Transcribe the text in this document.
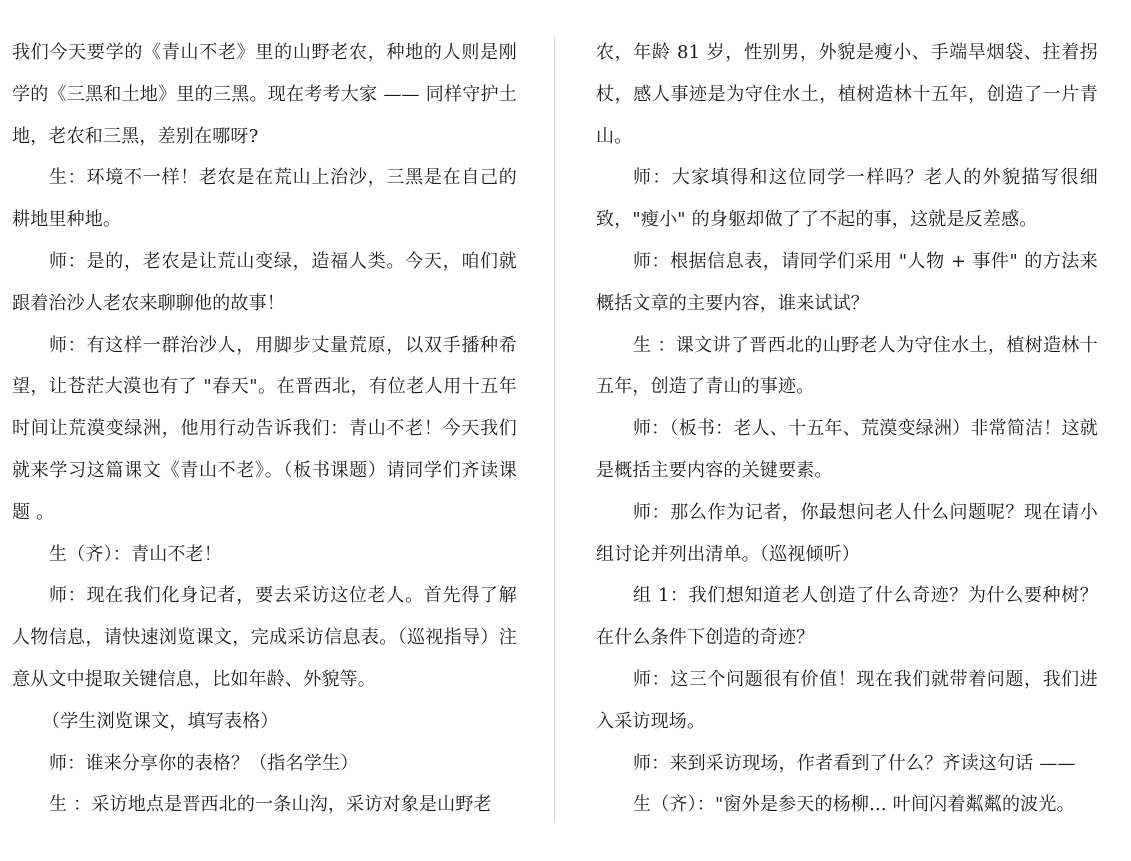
我们今天要学的《青山不老》里的山野老农，种地的人则是刚学的《三黑和土地》里的三黑。现在考考大家 —— 同样守护土地，老农和三黑，差别在哪呀?

生：环境不一样！老农是在荒山上治沙，三黑是在自己的耕地里种地。

师：是的，老农是让荒山变绿，造福人类。今天，咱们就跟着治沙人老农来聊聊他的故事！

师：有这样一群治沙人，用脚步丈量荒原，以双手播种希望，让苍茫大漠也有了 "春天"。在晋西北，有位老人用十五年时间让荒漠变绿洲，他用行动告诉我们：青山不老！今天我们就来学习这篇课文《青山不老》。（板书课题）请同学们齐读课题 。

生（齐）：青山不老！

师：现在我们化身记者，要去采访这位老人。首先得了解人物信息，请快速浏览课文，完成采访信息表。（巡视指导）注意从文中提取关键信息，比如年龄、外貌等。

（学生浏览课文，填写表格）

师：谁来分享你的表格？（指名学生）

生 ：采访地点是晋西北的一条山沟，采访对象是山野老

农，年龄 81 岁，性别男，外貌是瘦小、手端旱烟袋、拄着拐杖，感人事迹是为守住水土，植树造林十五年，创造了一片青山。

师：大家填得和这位同学一样吗？老人的外貌描写很细致，"瘦小" 的身躯却做了了不起的事，这就是反差感。

师：根据信息表，请同学们采用 "人物 + 事件" 的方法来概括文章的主要内容，谁来试试？

生 ：课文讲了晋西北的山野老人为守住水土，植树造林十五年，创造了青山的事迹。

师：（板书：老人、十五年、荒漠变绿洲）非常简洁！这就是概括主要内容的关键要素。

师：那么作为记者，你最想问老人什么问题呢？现在请小组讨论并列出清单。（巡视倾听）

组 1：我们想知道老人创造了什么奇迹？为什么要种树？在什么条件下创造的奇迹？

师：这三个问题很有价值！现在我们就带着问题，我们进入采访现场。

师：来到采访现场，作者看到了什么？齐读这句话 ——

生（齐）："窗外是参天的杨柳... 叶间闪着粼粼的波光。
